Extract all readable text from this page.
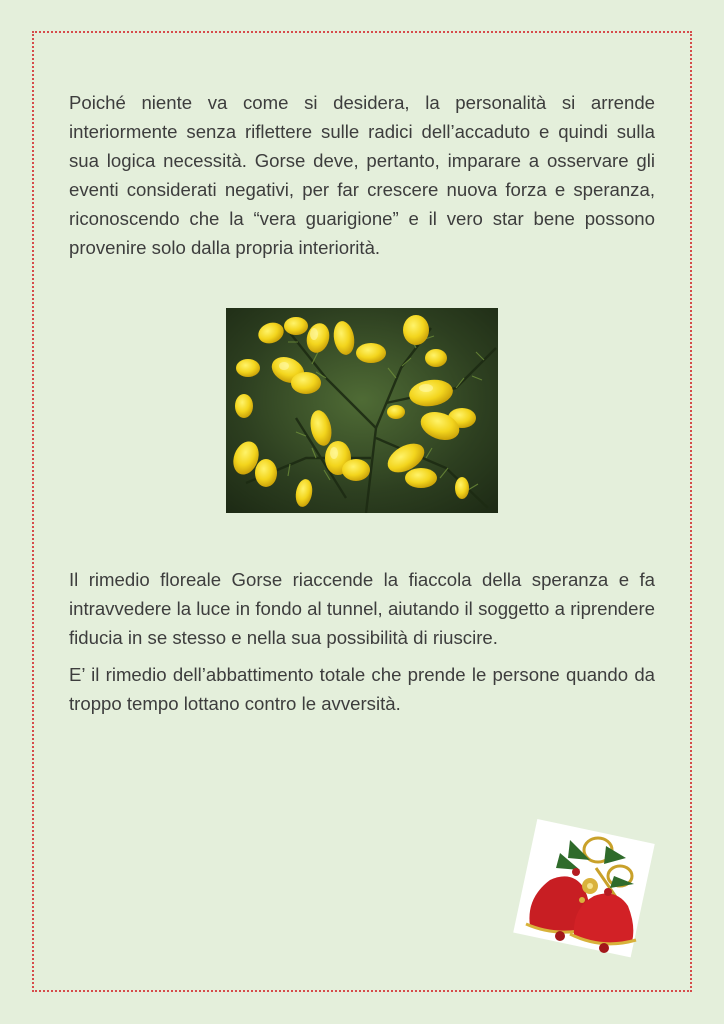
Poiché niente va come si desidera, la personalità si arrende interiormente senza riflettere sulle radici dell’accaduto e quindi sulla sua logica necessità. Gorse deve, pertanto, imparare a osservare gli eventi considerati negativi, per far crescere nuova forza e speranza, riconoscendo che la “vera guarigione” e il vero star bene possono provenire solo dalla propria interiorità.

Il rimedio floreale Gorse riaccende la fiaccola della speranza e fa intravvedere la luce in fondo al tunnel, aiutando il soggetto a riprendere fiducia in se stesso e nella sua possibilità di riuscire.

E’ il rimedio dell’abbattimento totale che prende le persone quando da troppo tempo lottano contro le avversità.
